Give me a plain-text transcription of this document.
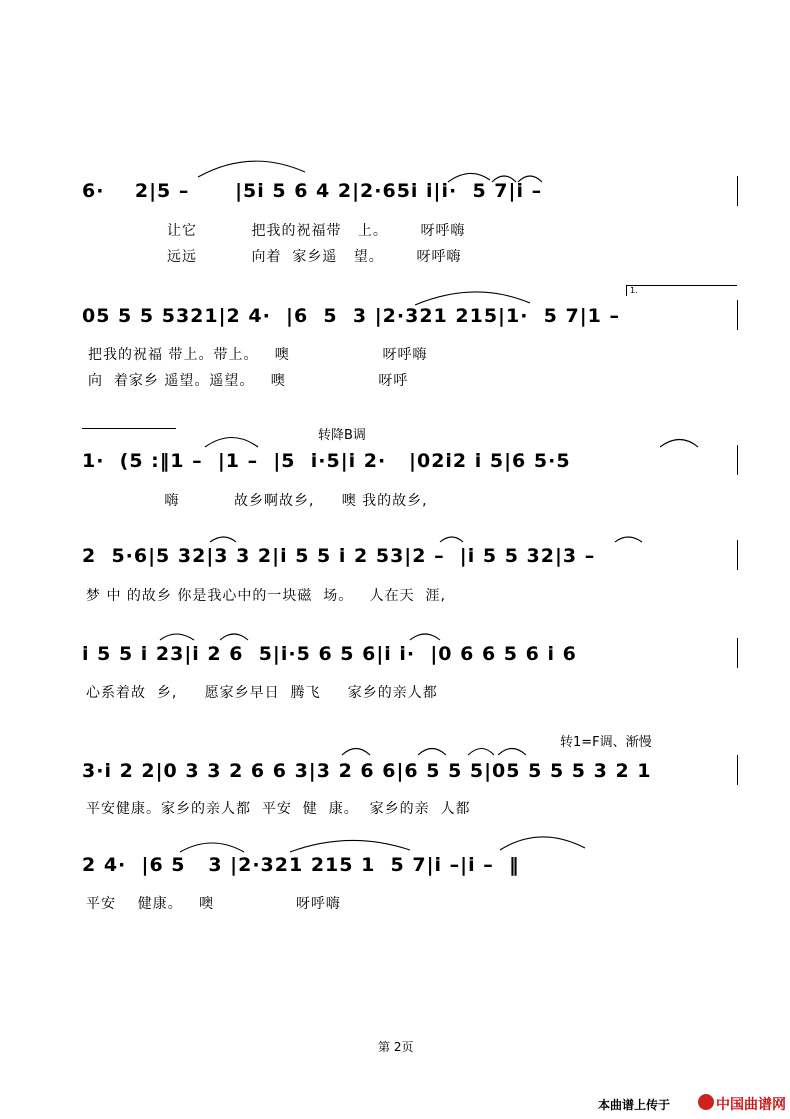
6·    2|5 –      |5i 5 6 4 2|2·65i i|i·  5 7|i –
让它          把我的祝福带   上。      呀呼嗨
远远          向着  家乡遥   望。      呀呼嗨
05 5 5 5321|2 4·  |6  5  3 |2·321 215|1·  5 7|1 –
1.
把我的祝福 带上。带上。   噢                 呀呼嗨
向  着家乡 遥望。遥望。   噢                 呀呼
转降B调
1·  (5 :‖1 –  |1 –  |5  i·5|i 2·   |02i2 i 5|6 5·5
嗨          故乡啊故乡,     噢 我的故乡,
2  5·6|5 32|3 3 2|i 5 5 i 2 53|2 –  |i 5 5 32|3 –
梦 中 的故乡 你是我心中的一块磁  场。   人在天  涯,
i 5 5 i 23|i 2 6  5|i·5 6 5 6|i i·  |0 6 6 5 6 i 6
心系着故  乡,     愿家乡早日  腾飞     家乡的亲人都
转1=F调、渐慢
3·i 2 2|0 3 3 2 6 6 3|3 2 6 6|6 5 5 5|05 5 5 5 3 2 1
平安健康。家乡的亲人都  平安  健  康。  家乡的亲  人都
2 4·  |6 5   3 |2·321 215 1  5 7|i –|i –  ‖
平安    健康。   噢               呀呼嗨
第 2页
本曲谱上传于	中国曲谱网
